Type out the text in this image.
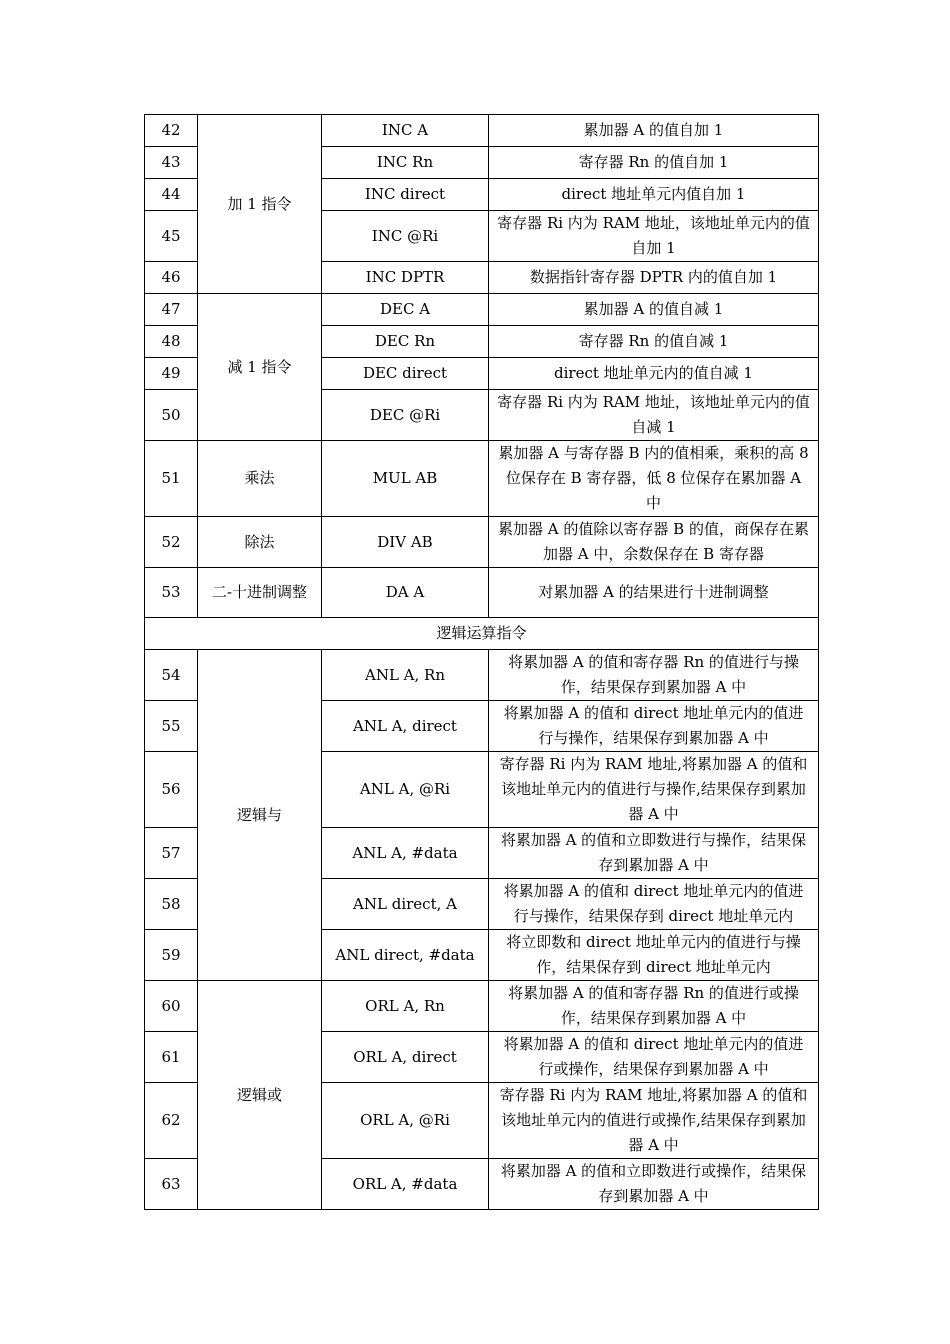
42	加 1 指令	INC A	累加器 A 的值自加 1
43		INC Rn	寄存器 Rn 的值自加 1
44		INC direct	direct 地址单元内值自加 1
45		INC @Ri	寄存器 Ri 内为 RAM 地址，该地址单元内的值自加 1
46		INC DPTR	数据指针寄存器 DPTR 内的值自加 1
47	减 1 指令	DEC A	累加器 A 的值自减 1
48		DEC Rn	寄存器 Rn 的值自减 1
49		DEC direct	direct 地址单元内的值自减 1
50		DEC @Ri	寄存器 Ri 内为 RAM 地址，该地址单元内的值自减 1
51	乘法	MUL AB	累加器 A 与寄存器 B 内的值相乘，乘积的高 8 位保存在 B 寄存器，低 8 位保存在累加器 A 中
52	除法	DIV AB	累加器 A 的值除以寄存器 B 的值，商保存在累加器 A 中，余数保存在 B 寄存器
53	二-十进制调整	DA A	对累加器 A 的结果进行十进制调整
逻辑运算指令			
54	逻辑与	ANL A, Rn	将累加器 A 的值和寄存器 Rn 的值进行与操作，结果保存到累加器 A 中
55		ANL A, direct	将累加器 A 的值和 direct 地址单元内的值进行与操作，结果保存到累加器 A 中
56		ANL A, @Ri	寄存器 Ri 内为 RAM 地址,将累加器 A 的值和该地址单元内的值进行与操作,结果保存到累加器 A 中
57		ANL A, #data	将累加器 A 的值和立即数进行与操作，结果保存到累加器 A 中
58		ANL direct, A	将累加器 A 的值和 direct 地址单元内的值进行与操作，结果保存到 direct 地址单元内
59		ANL direct, #data	将立即数和 direct 地址单元内的值进行与操作，结果保存到 direct 地址单元内
60	逻辑或	ORL A, Rn	将累加器 A 的值和寄存器 Rn 的值进行或操作，结果保存到累加器 A 中
61		ORL A, direct	将累加器 A 的值和 direct 地址单元内的值进行或操作，结果保存到累加器 A 中
62		ORL A, @Ri	寄存器 Ri 内为 RAM 地址,将累加器 A 的值和该地址单元内的值进行或操作,结果保存到累加器 A 中
63		ORL A, #data	将累加器 A 的值和立即数进行或操作，结果保存到累加器 A 中
